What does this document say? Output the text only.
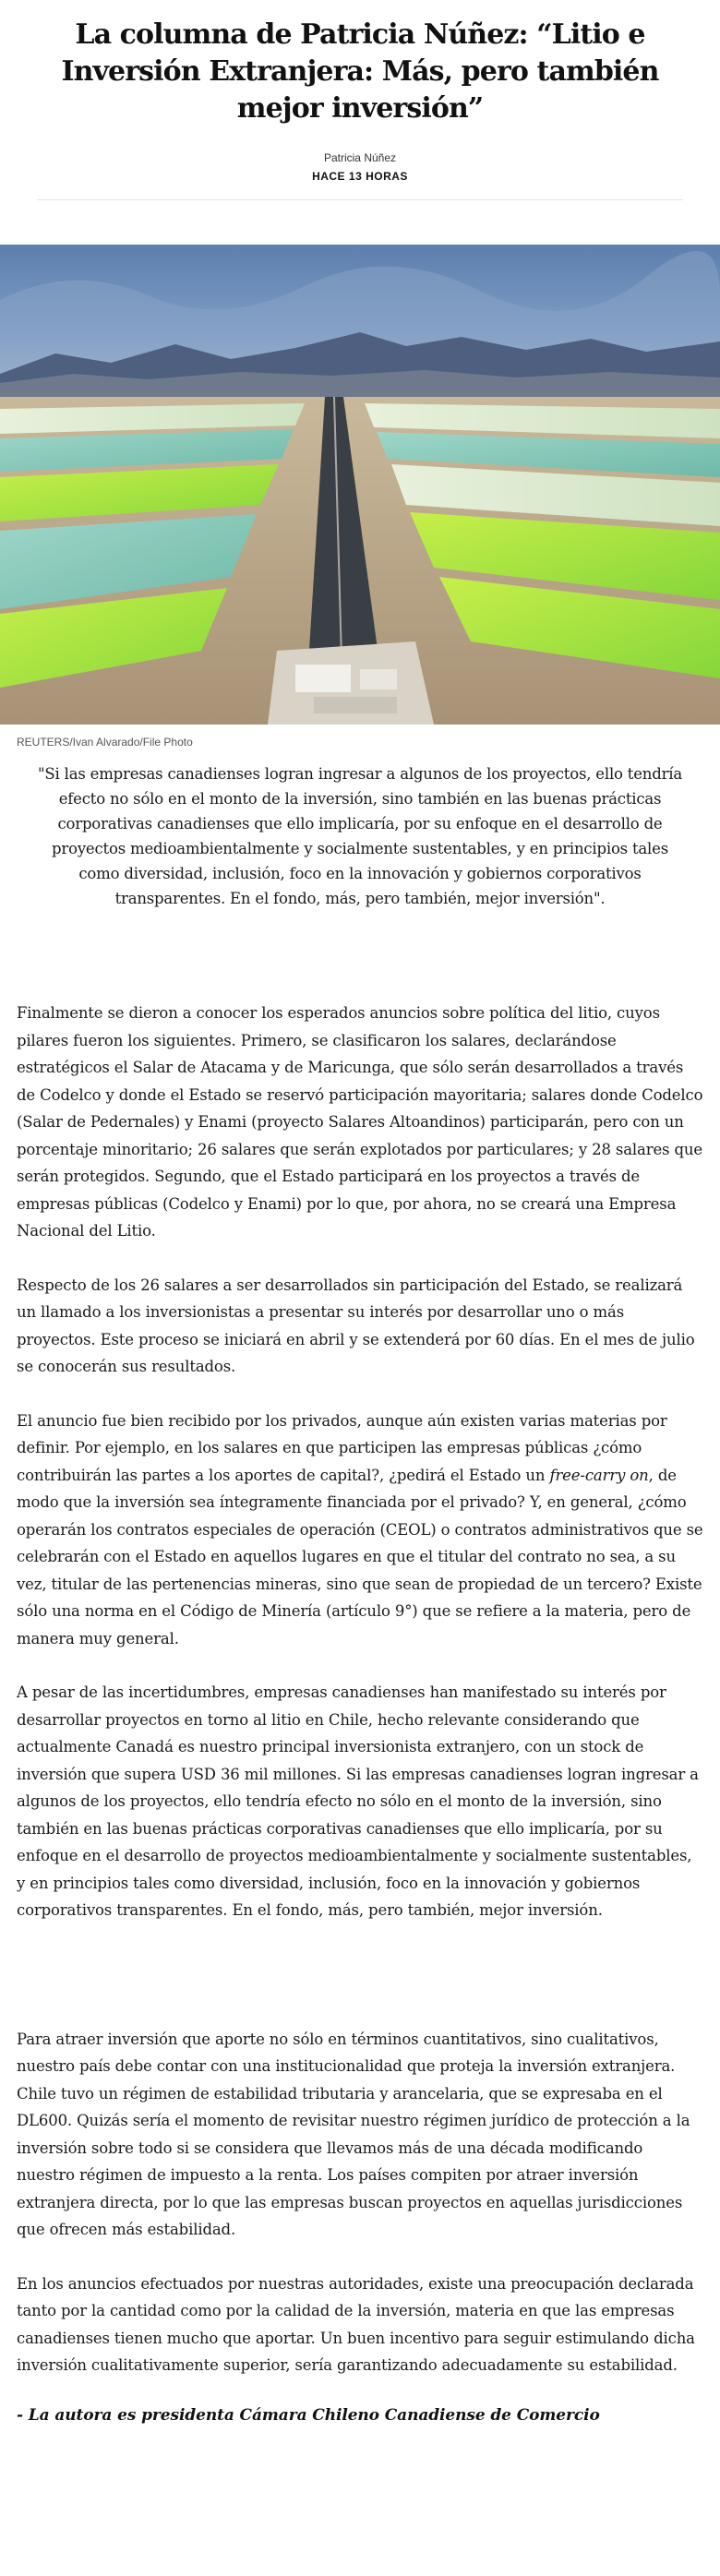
La columna de Patricia Núñez: “Litio e Inversión Extranjera: Más, pero también mejor inversión”
Patricia Núñez
HACE 13 HORAS
REUTERS/Ivan Alvarado/File Photo
"Si las empresas canadienses logran ingresar a algunos de los proyectos, ello tendría efecto no sólo en el monto de la inversión, sino también en las buenas prácticas corporativas canadienses que ello implicaría, por su enfoque en el desarrollo de proyectos medioambientalmente y socialmente sustentables, y en principios tales como diversidad, inclusión, foco en la innovación y gobiernos corporativos transparentes. En el fondo, más, pero también, mejor inversión".

Finalmente se dieron a conocer los esperados anuncios sobre política del litio, cuyos pilares fueron los siguientes. Primero, se clasificaron los salares, declarándose estratégicos el Salar de Atacama y de Maricunga, que sólo serán desarrollados a través de Codelco y donde el Estado se reservó participación mayoritaria; salares donde Codelco (Salar de Pedernales) y Enami (proyecto Salares Altoandinos) participarán, pero con un porcentaje minoritario; 26 salares que serán explotados por particulares; y 28 salares que serán protegidos. Segundo, que el Estado participará en los proyectos a través de empresas públicas (Codelco y Enami) por lo que, por ahora, no se creará una Empresa Nacional del Litio.

Respecto de los 26 salares a ser desarrollados sin participación del Estado, se realizará un llamado a los inversionistas a presentar su interés por desarrollar uno o más proyectos. Este proceso se iniciará en abril y se extenderá por 60 días. En el mes de julio se conocerán sus resultados.

El anuncio fue bien recibido por los privados, aunque aún existen varias materias por definir. Por ejemplo, en los salares en que participen las empresas públicas ¿cómo contribuirán las partes a los aportes de capital?, ¿pedirá el Estado un free-carry on, de modo que la inversión sea íntegramente financiada por el privado? Y, en general, ¿cómo operarán los contratos especiales de operación (CEOL) o contratos administrativos que se celebrarán con el Estado en aquellos lugares en que el titular del contrato no sea, a su vez, titular de las pertenencias mineras, sino que sean de propiedad de un tercero? Existe sólo una norma en el Código de Minería (artículo 9°) que se refiere a la materia, pero de manera muy general.

A pesar de las incertidumbres, empresas canadienses han manifestado su interés por desarrollar proyectos en torno al litio en Chile, hecho relevante considerando que actualmente Canadá es nuestro principal inversionista extranjero, con un stock de inversión que supera USD 36 mil millones. Si las empresas canadienses logran ingresar a algunos de los proyectos, ello tendría efecto no sólo en el monto de la inversión, sino también en las buenas prácticas corporativas canadienses que ello implicaría, por su enfoque en el desarrollo de proyectos medioambientalmente y socialmente sustentables, y en principios tales como diversidad, inclusión, foco en la innovación y gobiernos corporativos transparentes. En el fondo, más, pero también, mejor inversión.

Para atraer inversión que aporte no sólo en términos cuantitativos, sino cualitativos, nuestro país debe contar con una institucionalidad que proteja la inversión extranjera. Chile tuvo un régimen de estabilidad tributaria y arancelaria, que se expresaba en el DL600. Quizás sería el momento de revisitar nuestro régimen jurídico de protección a la inversión sobre todo si se considera que llevamos más de una década modificando nuestro régimen de impuesto a la renta. Los países compiten por atraer inversión extranjera directa, por lo que las empresas buscan proyectos en aquellas jurisdicciones que ofrecen más estabilidad.

En los anuncios efectuados por nuestras autoridades, existe una preocupación declarada tanto por la cantidad como por la calidad de la inversión, materia en que las empresas canadienses tienen mucho que aportar. Un buen incentivo para seguir estimulando dicha inversión cualitativamente superior, sería garantizando adecuadamente su estabilidad.

- La autora es presidenta Cámara Chileno Canadiense de Comercio
